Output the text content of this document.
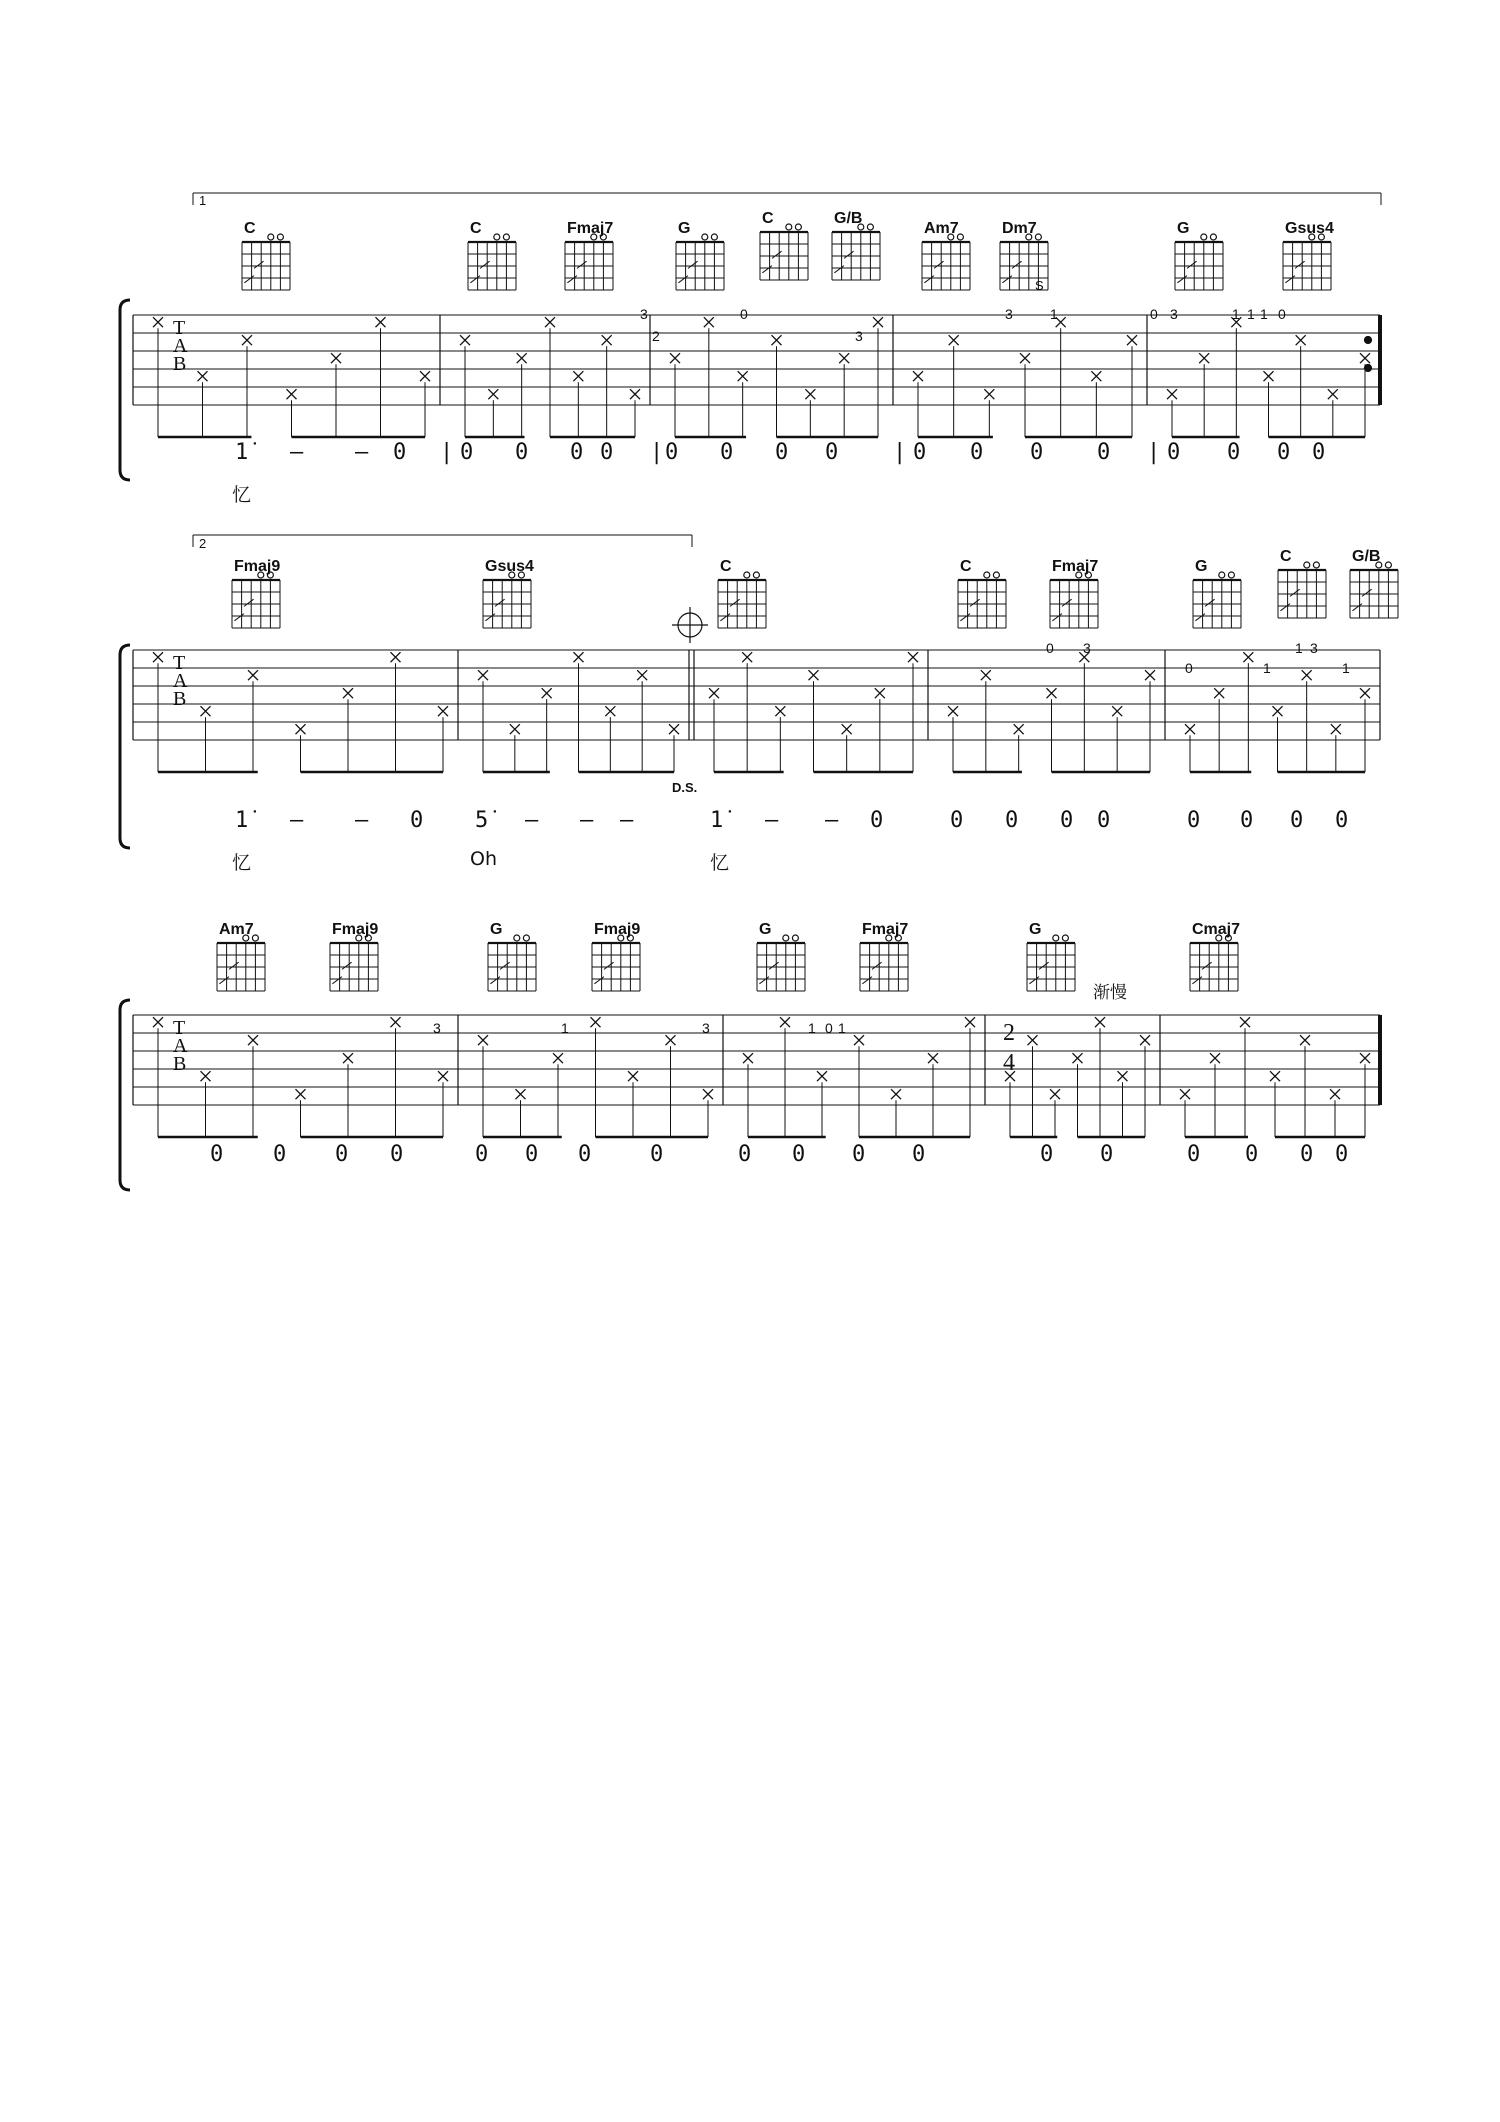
1
2
T
A
B
T
A
B
T
A
B
C	C	Fmaj7	G
C	G/B
Am7	Dm7	G	Gsus4
Fmaj9	Gsus4	C	C	Fmaj7	G
C	G/B
Am7	Fmaj9	G	Fmaj9	G	Fmaj7	G	Cmaj7
3
2
0
3
3	1	0 3	1 1 1 0
0 3
0	1
1 3
1
3	1	3	1 0 1
S
D.S.
渐慢
2
4
1̇ – – 0 | 0 0 0 0 | 0 0 0 0 | 0 0 0 0 | 0 0 0 0
1̇ – – 0 5̇ – – –	1̇ – – 0	0 0 0 0	0 0 0 0
0 0 0 0	0 0 0	0	0 0 0 0	0 0	0 0 0 0
忆
忆	Oh	忆
